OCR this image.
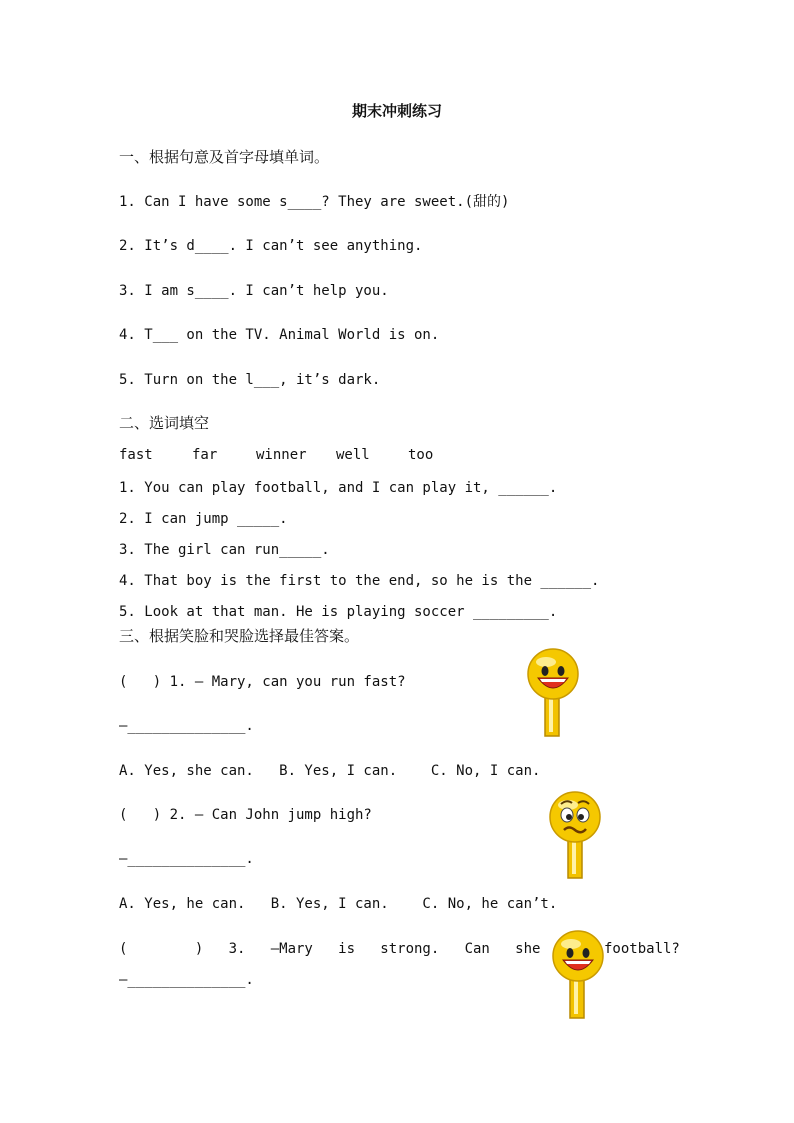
期末冲刺练习
一、根据句意及首字母填单词。
1. Can I have some s____? They are sweet.(甜的)
2. It’s d____. I can’t see anything.
3. I am s____. I can’t help you.
4. T___ on the TV. Animal World is on.
5. Turn on the l___, it’s dark.
二、选词填空
fast	far	winner well	too
1. You can play football, and I can play it, ______.
2. I can jump _____.
3. The girl can run_____.
4. That boy is the first to the end, so he is the ______.
5. Look at that man. He is playing soccer _________.
三、根据笑脸和哭脸选择最佳答案。
(   ) 1. — Mary, can you run fast?
—______________.
A. Yes, she can.   B. Yes, I can.    C. No, I can.
(   ) 2. — Can John jump high?
—______________.
A. Yes, he can.   B. Yes, I can.    C. No, he can’t.
(        )   3.   —Mary   is   strong.   Can   she	football?
—______________.
